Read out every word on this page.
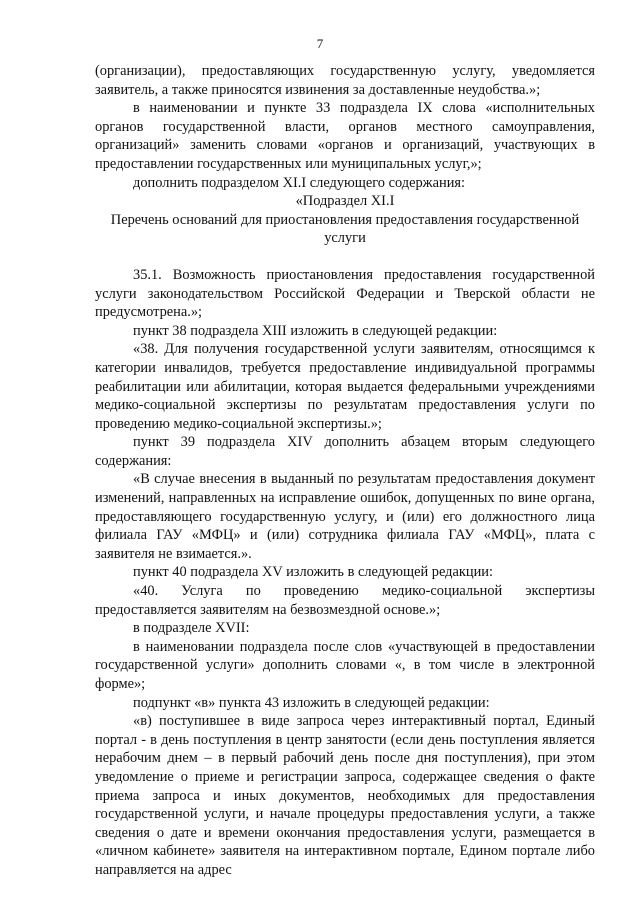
7

(организации), предоставляющих государственную услугу, уведомляется заявитель, а также приносятся извинения за доставленные неудобства.»;

в наименовании и пункте 33 подраздела IX слова «исполнительных органов государственной власти, органов местного самоуправления, организаций» заменить словами «органов и организаций, участвующих в предоставлении государственных или муниципальных услуг,»;

дополнить подразделом XI.I следующего содержания:

«Подраздел XI.I

Перечень оснований для приостановления предоставления государственной услуги

35.1. Возможность приостановления предоставления государственной услуги законодательством Российской Федерации и Тверской области не предусмотрена.»;

пункт 38 подраздела XIII изложить в следующей редакции:

«38. Для получения государственной услуги заявителям, относящимся к категории инвалидов, требуется предоставление индивидуальной программы реабилитации или абилитации, которая выдается федеральными учреждениями медико-социальной экспертизы по результатам предоставления услуги по проведению медико-социальной экспертизы.»;

пункт 39 подраздела XIV дополнить абзацем вторым следующего содержания:

«В случае внесения в выданный по результатам предоставления документ изменений, направленных на исправление ошибок, допущенных по вине органа, предоставляющего государственную услугу, и (или) его должностного лица филиала ГАУ «МФЦ» и (или) сотрудника филиала ГАУ «МФЦ», плата с заявителя не взимается.».

пункт 40 подраздела XV изложить в следующей редакции:

«40. Услуга по проведению медико-социальной экспертизы предоставляется заявителям на безвозмездной основе.»;

в подразделе XVII:

в наименовании подраздела после слов «участвующей в предоставлении государственной услуги» дополнить словами «, в том числе в электронной форме»;

подпункт «в» пункта 43 изложить в следующей редакции:

«в) поступившее в виде запроса через интерактивный портал, Единый портал - в день поступления в центр занятости (если день поступления является нерабочим днем – в первый рабочий день после дня поступления), при этом уведомление о приеме и регистрации запроса, содержащее сведения о факте приема запроса и иных документов, необходимых для предоставления государственной услуги, и начале процедуры предоставления услуги, а также сведения о дате и времени окончания предоставления услуги, размещается в «личном кабинете» заявителя на интерактивном портале, Едином портале либо направляется на адрес
